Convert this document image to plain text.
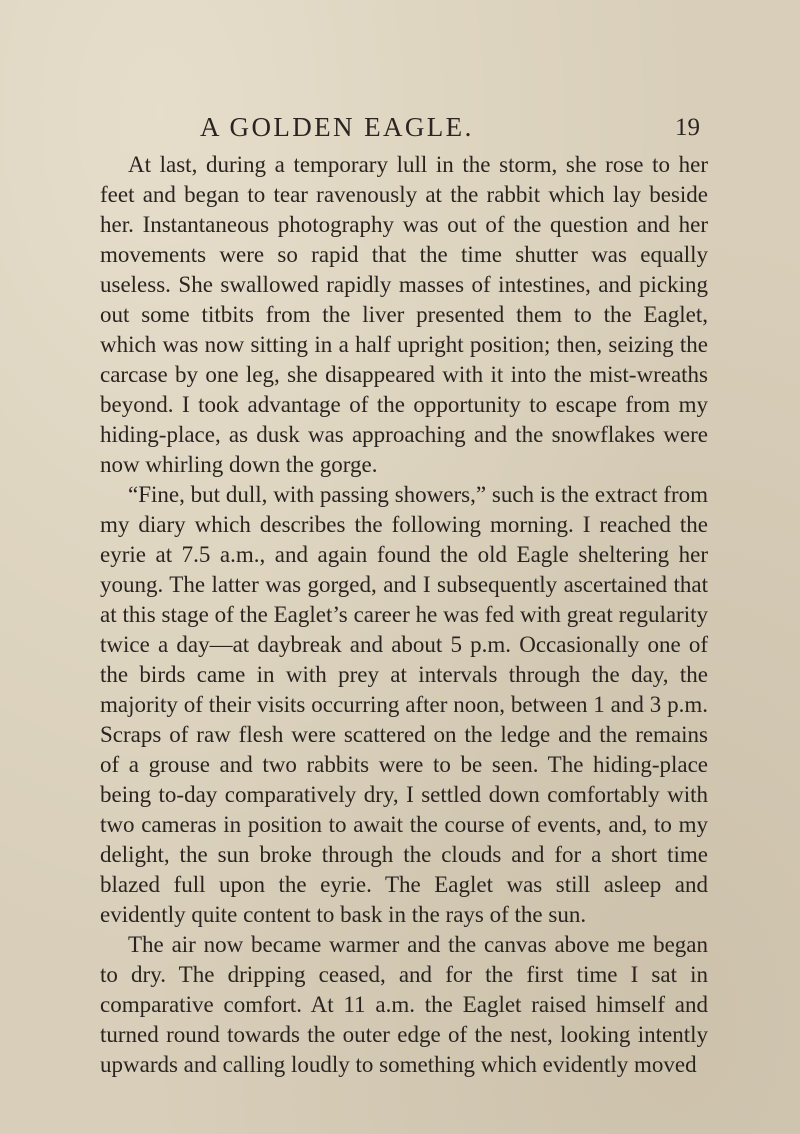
A GOLDEN EAGLE.	19

At last, during a temporary lull in the storm, she rose to her feet and began to tear ravenously at the rabbit which lay beside her. Instantaneous photography was out of the question and her movements were so rapid that the time shutter was equally useless. She swallowed rapidly masses of intestines, and picking out some titbits from the liver presented them to the Eaglet, which was now sitting in a half upright position; then, seizing the carcase by one leg, she disappeared with it into the mist-wreaths beyond. I took advantage of the opportunity to escape from my hiding-place, as dusk was approaching and the snowflakes were now whirling down the gorge.

“Fine, but dull, with passing showers,” such is the extract from my diary which describes the following morning. I reached the eyrie at 7.5 a.m., and again found the old Eagle sheltering her young. The latter was gorged, and I subsequently ascertained that at this stage of the Eaglet’s career he was fed with great regularity twice a day—at daybreak and about 5 p.m. Occasionally one of the birds came in with prey at intervals through the day, the majority of their visits occurring after noon, between 1 and 3 p.m. Scraps of raw flesh were scattered on the ledge and the remains of a grouse and two rabbits were to be seen. The hiding-place being to-day comparatively dry, I settled down comfortably with two cameras in position to await the course of events, and, to my delight, the sun broke through the clouds and for a short time blazed full upon the eyrie. The Eaglet was still asleep and evidently quite content to bask in the rays of the sun.

The air now became warmer and the canvas above me began to dry. The dripping ceased, and for the first time I sat in comparative comfort. At 11 a.m. the Eaglet raised himself and turned round towards the outer edge of the nest, looking intently upwards and calling loudly to something which evidently moved
